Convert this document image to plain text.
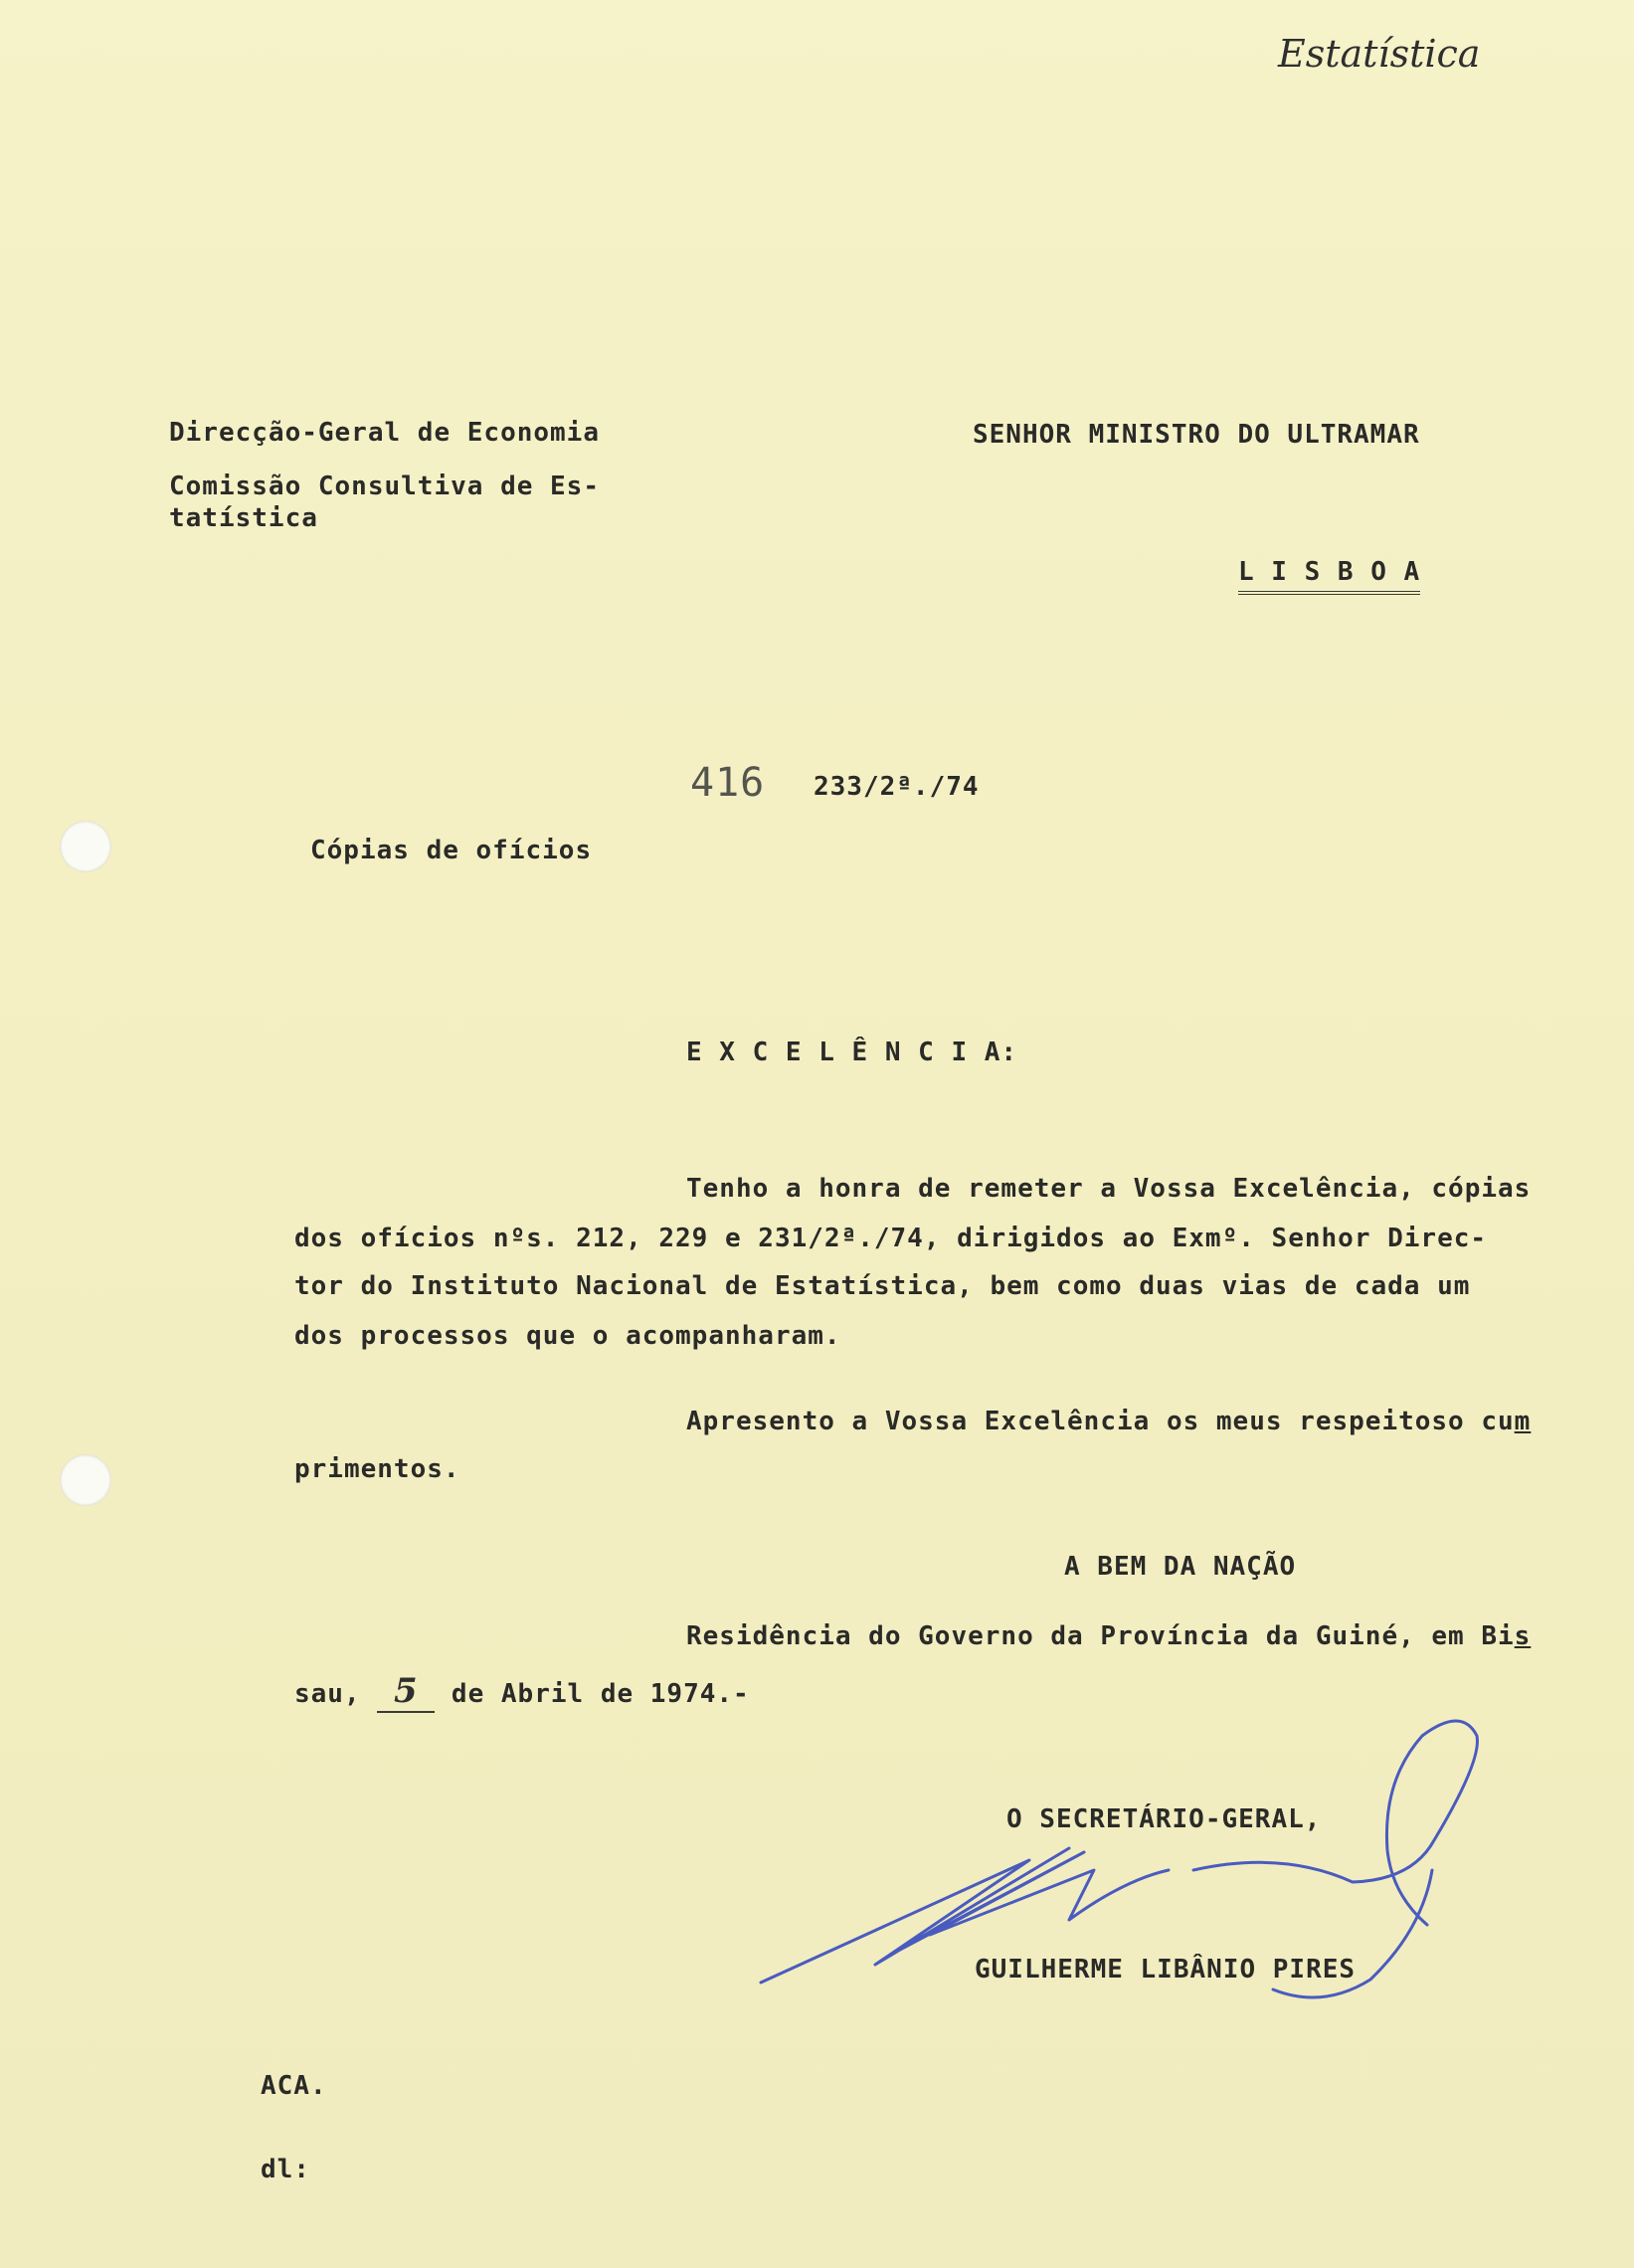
Estatística
Direcção-Geral de Economia
Comissão Consultiva de Es-
tatística
SENHOR MINISTRO DO ULTRAMAR
L I S B O A
416 233/2ª./74
Cópias de ofícios
E X C E L Ê N C I A:
Tenho a honra de remeter a Vossa Excelência, cópias
dos ofícios nºs. 212, 229 e 231/2ª./74, dirigidos ao Exmº. Senhor Direc-
tor do Instituto Nacional de Estatística, bem como duas vias de cada um
dos processos que o acompanharam.
Apresento a Vossa Excelência os meus respeitoso cum
primentos.
A BEM DA NAÇÃO
Residência do Governo da Província da Guiné, em Bis
sau, 5 de Abril de 1974.-
O SECRETÁRIO-GERAL,
GUILHERME LIBÂNIO PIRES
ACA.
dl:
